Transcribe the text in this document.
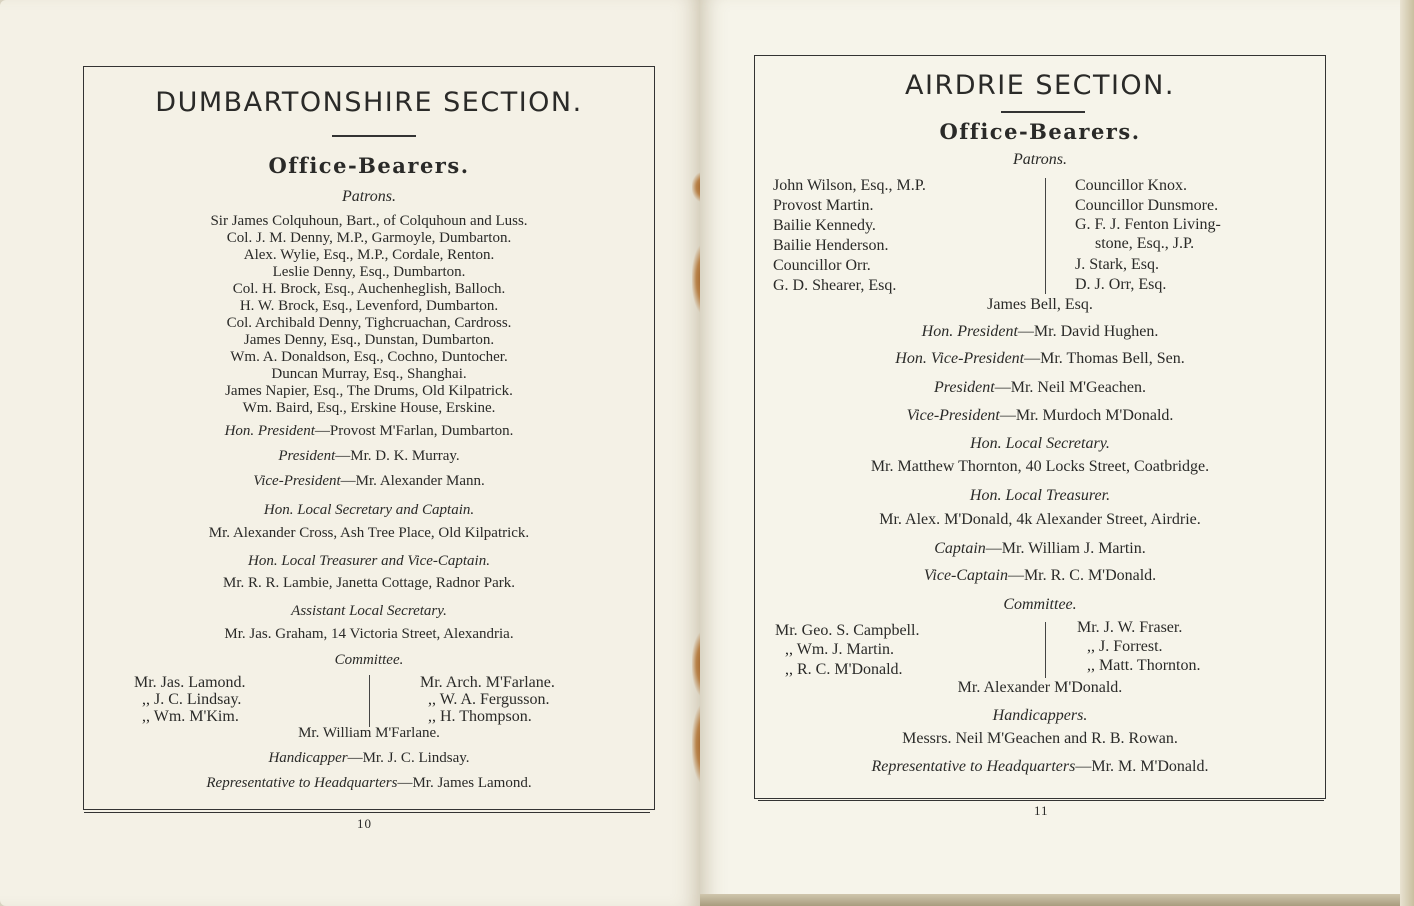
DUMBARTONSHIRE SECTION.
Office-Bearers.
Patrons.
Sir James Colquhoun, Bart., of Colquhoun and Luss.
Col. J. M. Denny, M.P., Garmoyle, Dumbarton.
Alex. Wylie, Esq., M.P., Cordale, Renton.
Leslie Denny, Esq., Dumbarton.
Col. H. Brock, Esq., Auchenheglish, Balloch.
H. W. Brock, Esq., Levenford, Dumbarton.
Col. Archibald Denny, Tighcruachan, Cardross.
James Denny, Esq., Dunstan, Dumbarton.
Wm. A. Donaldson, Esq., Cochno, Duntocher.
Duncan Murray, Esq., Shanghai.
James Napier, Esq., The Drums, Old Kilpatrick.
Wm. Baird, Esq., Erskine House, Erskine.
Hon. President—Provost M'Farlan, Dumbarton.
President—Mr. D. K. Murray.
Vice-President—Mr. Alexander Mann.
Hon. Local Secretary and Captain.
Mr. Alexander Cross, Ash Tree Place, Old Kilpatrick.
Hon. Local Treasurer and Vice-Captain.
Mr. R. R. Lambie, Janetta Cottage, Radnor Park.
Assistant Local Secretary.
Mr. Jas. Graham, 14 Victoria Street, Alexandria.
Committee.
Mr. Jas. Lamond.
,, J. C. Lindsay.
,, Wm. M'Kim.
Mr. Arch. M'Farlane.
,, W. A. Fergusson.
,, H. Thompson.
Mr. William M'Farlane.
Handicapper—Mr. J. C. Lindsay.
Representative to Headquarters—Mr. James Lamond.
10
AIRDRIE SECTION.
Office-Bearers.
Patrons.
John Wilson, Esq., M.P.
Provost Martin.
Bailie Kennedy.
Bailie Henderson.
Councillor Orr.
G. D. Shearer, Esq.
Councillor Knox.
Councillor Dunsmore.
G. F. J. Fenton Living-
stone, Esq., J.P.
J. Stark, Esq.
D. J. Orr, Esq.
James Bell, Esq.
Hon. President—Mr. David Hughen.
Hon. Vice-President—Mr. Thomas Bell, Sen.
President—Mr. Neil M'Geachen.
Vice-President—Mr. Murdoch M'Donald.
Hon. Local Secretary.
Mr. Matthew Thornton, 40 Locks Street, Coatbridge.
Hon. Local Treasurer.
Mr. Alex. M'Donald, 4k Alexander Street, Airdrie.
Captain—Mr. William J. Martin.
Vice-Captain—Mr. R. C. M'Donald.
Committee.
Mr. Geo. S. Campbell.
,, Wm. J. Martin.
,, R. C. M'Donald.
Mr. J. W. Fraser.
,, J. Forrest.
,, Matt. Thornton.
Mr. Alexander M'Donald.
Handicappers.
Messrs. Neil M'Geachen and R. B. Rowan.
Representative to Headquarters—Mr. M. M'Donald.
11
